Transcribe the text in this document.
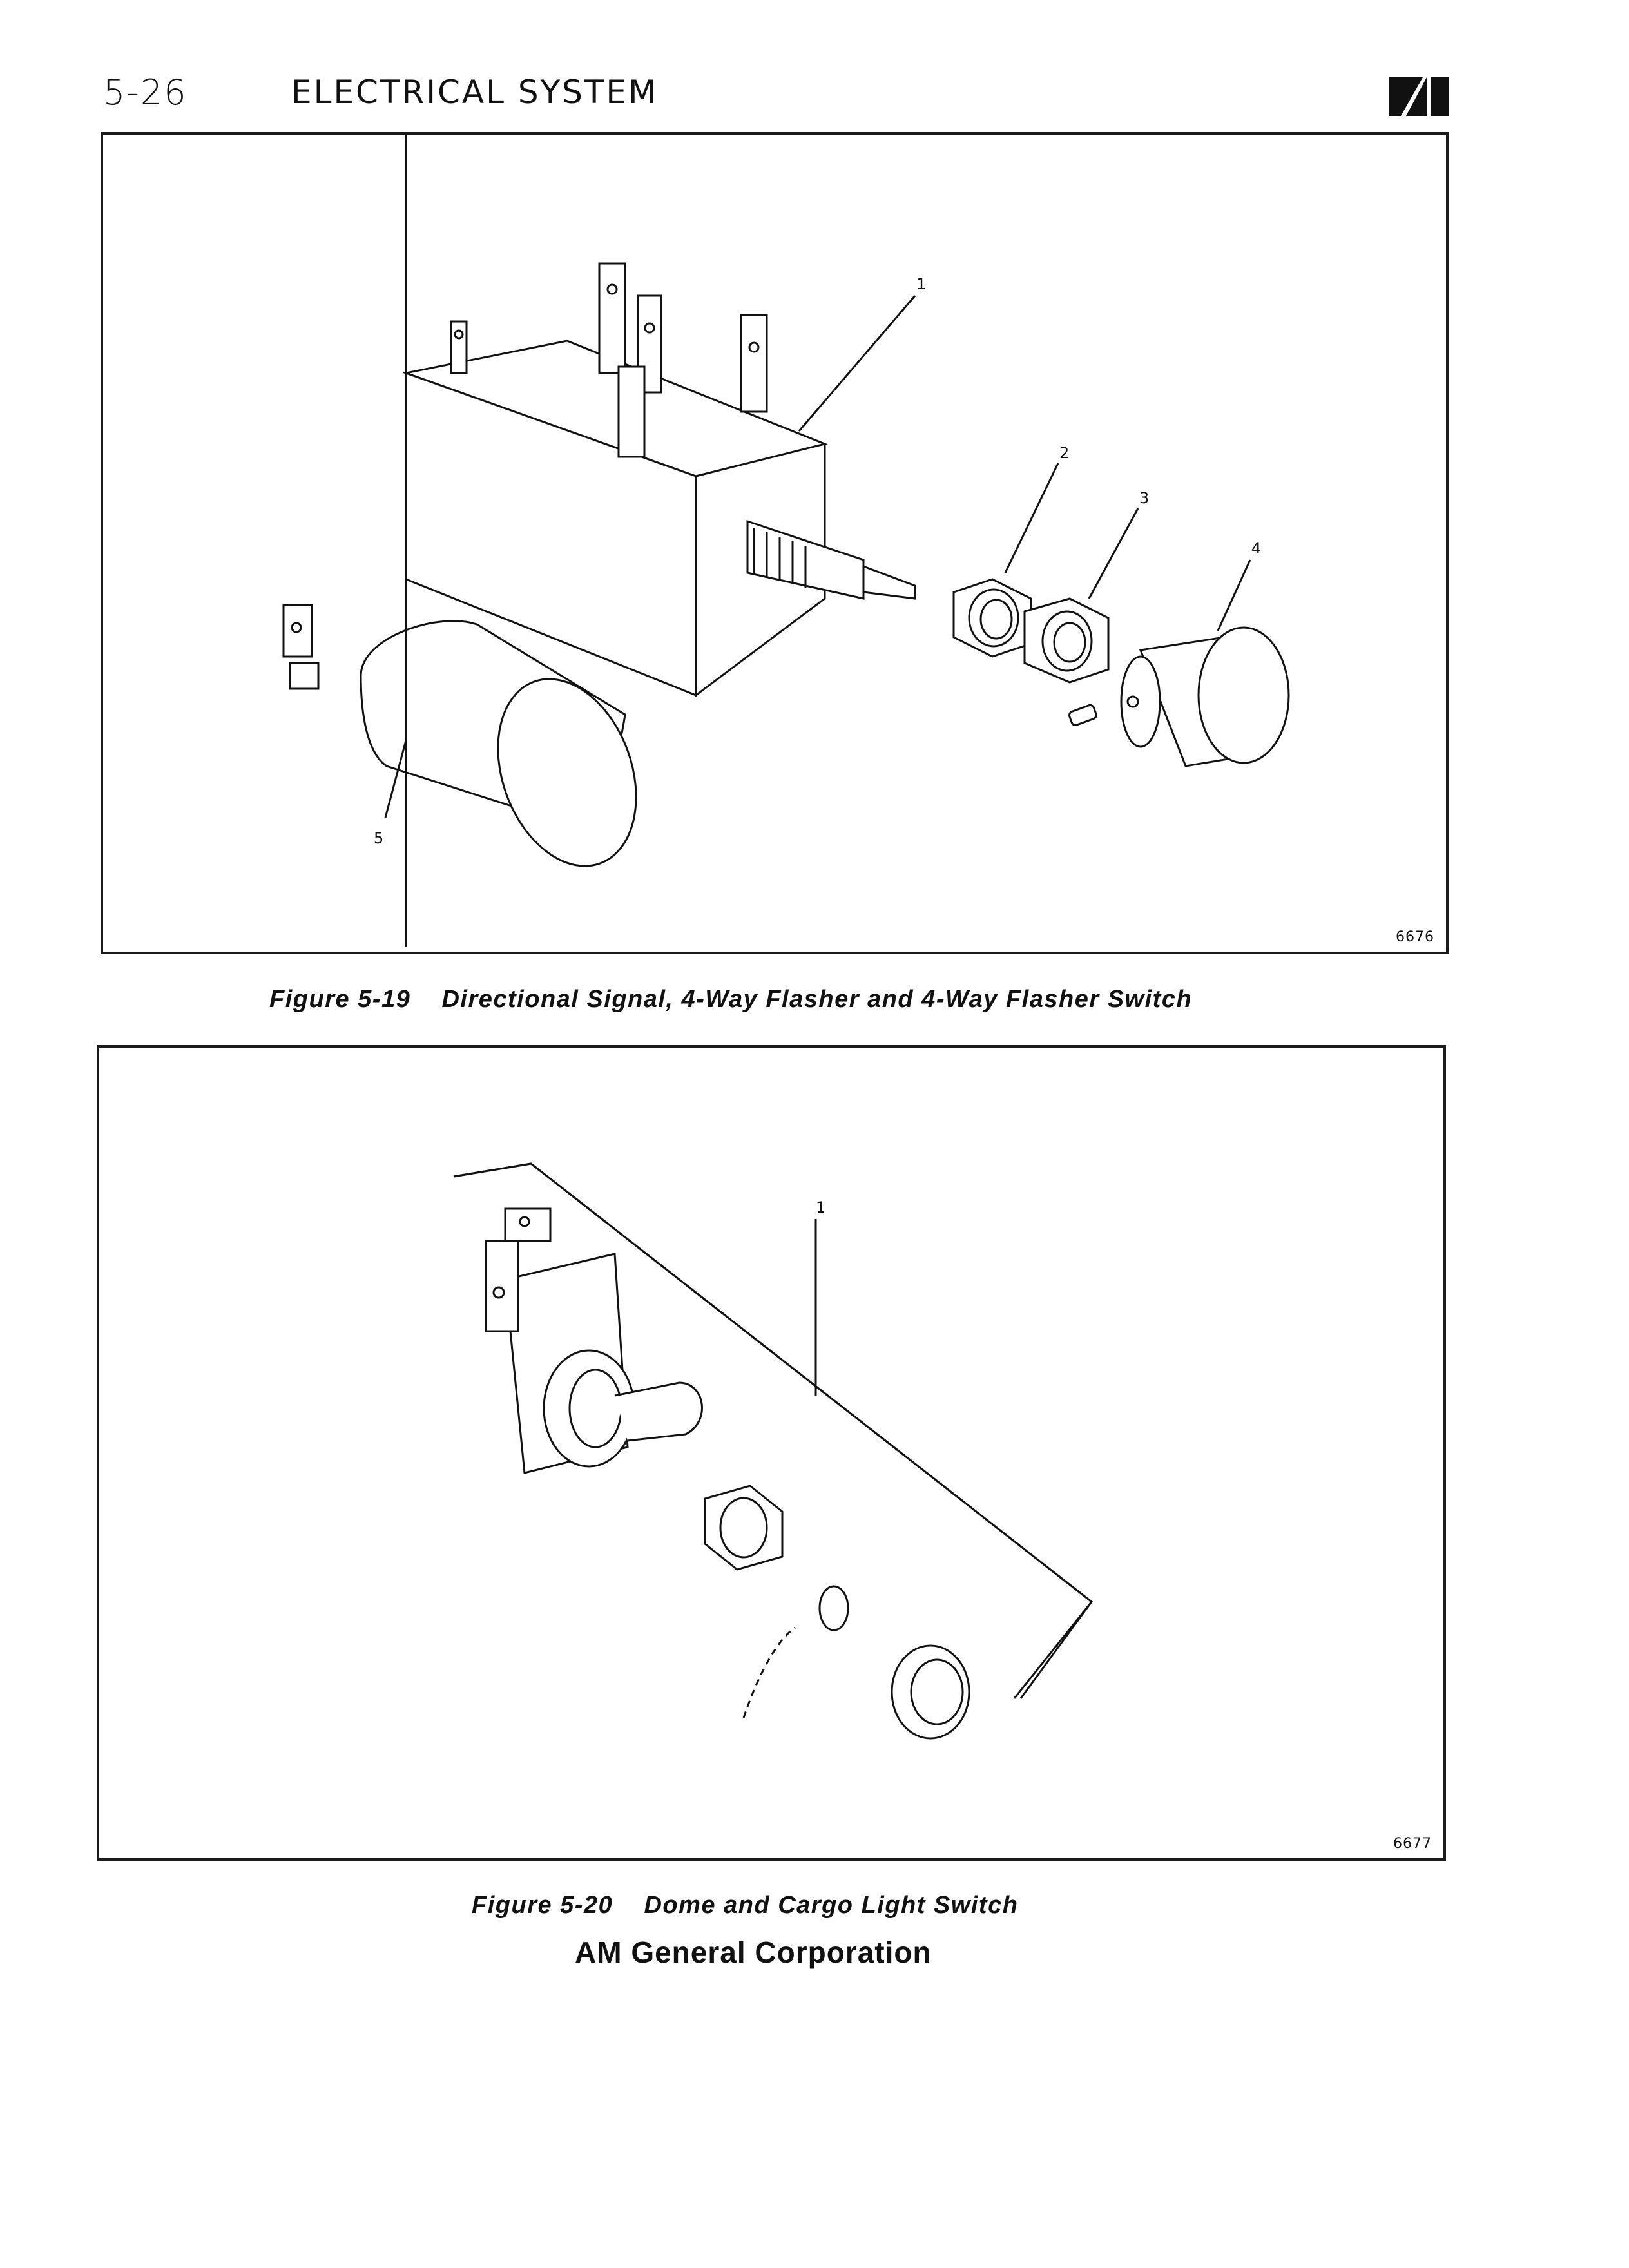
5-26	ELECTRICAL SYSTEM
1
2
3
4
5
6676
Figure 5-19 Directional Signal, 4-Way Flasher and 4-Way Flasher Switch
1
6677
Figure 5-20 Dome and Cargo Light Switch
AM General Corporation
